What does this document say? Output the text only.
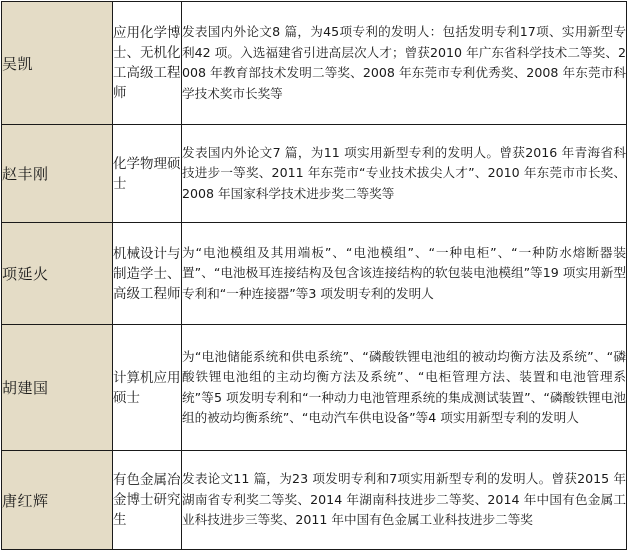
吴凯	应用化学博士、无机化工高级工程师	发表国内外论文8 篇，为45项专利的发明人：包括发明专利17项、实用新型专利42 项。入选福建省引进高层次人才；曾获2010 年广东省科学技术二等奖、2008 年教育部技术发明二等奖、2008 年东莞市专利优秀奖、2008 年东莞市科学技术奖市长奖等

赵丰刚	化学物理硕士	发表国内外论文7 篇，为11 项实用新型专利的发明人。曾获2016 年青海省科技进步一等奖、2011 年东莞市“专业技术拔尖人才”、2010 年东莞市市长奖、2008 年国家科学技术进步奖二等奖等

项延火	机械设计与制造学士、高级工程师	为“电池模组及其用端板”、“电池模组”、“一种电柜”、“一种防水熔断器装置”、“电池极耳连接结构及包含该连接结构的软包装电池模组”等19 项实用新型专利和“一种连接器”等3 项发明专利的发明人

胡建国	计算机应用硕士	为“电池储能系统和供电系统”、“磷酸铁锂电池组的被动均衡方法及系统”、“磷酸铁锂电池组的主动均衡方法及系统”、“电柜管理方法、装置和电池管理系统”等5 项发明专利和“一种动力电池管理系统的集成测试装置”、“磷酸铁锂电池组的被动均衡系统”、“电动汽车供电设备”等4 项实用新型专利的发明人

唐红辉	有色金属冶金博士研究生	发表论文11 篇，为23 项发明专利和7项实用新型专利的发明人。曾获2015 年湖南省专利奖二等奖、2014 年湖南科技进步二等奖、2014 年中国有色金属工业科技进步三等奖、2011 年中国有色金属工业科技进步二等奖
